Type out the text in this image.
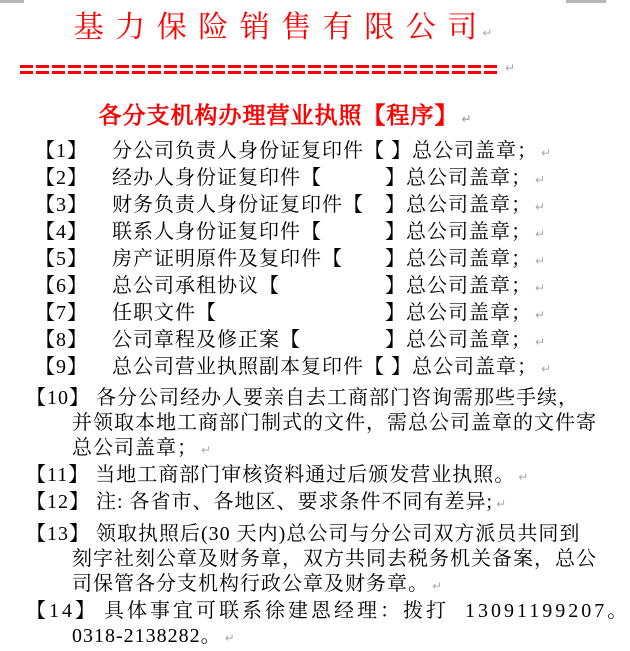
基 力 保 险 销 售 有 限 公 司 ↵
↵
各分支机构办理营业执照【程序】 ↵
【1】 分公司负责人身份证复印件【 】总公司盖章； ↵
【2】 经办人身份证复印件【　　　】总公司盖章； ↵
【3】 财务负责人身份证复印件【　】总公司盖章； ↵
【4】 联系人身份证复印件【　　　】总公司盖章； ↵
【5】 房产证明原件及复印件【　　】总公司盖章； ↵
【6】 总公司承租协议【　　　　　】总公司盖章； ↵
【7】 任职文件【　　　　　　　　】总公司盖章； ↵
【8】 公司章程及修正案【　　　　】总公司盖章； ↵
【9】 总公司营业执照副本复印件【 】总公司盖章； ↵
【10】 各分公司经办人要亲自去工商部门咨询需那些手续，
并领取本地工商部门制式的文件，需总公司盖章的文件寄
总公司盖章； ↵
【11】 当地工商部门审核资料通过后颁发营业执照。 ↵
【12】 注: 各省市、各地区、要求条件不同有差异; ↵
【13】 领取执照后(30 天内)总公司与分公司双方派员共同到
刻字社刻公章及财务章，双方共同去税务机关备案，总公
司保管各分支机构行政公章及财务章。 ↵
【14】 具体事宜可联系徐建恩经理：拨打  13091199207。
0318-2138282。 ↵
